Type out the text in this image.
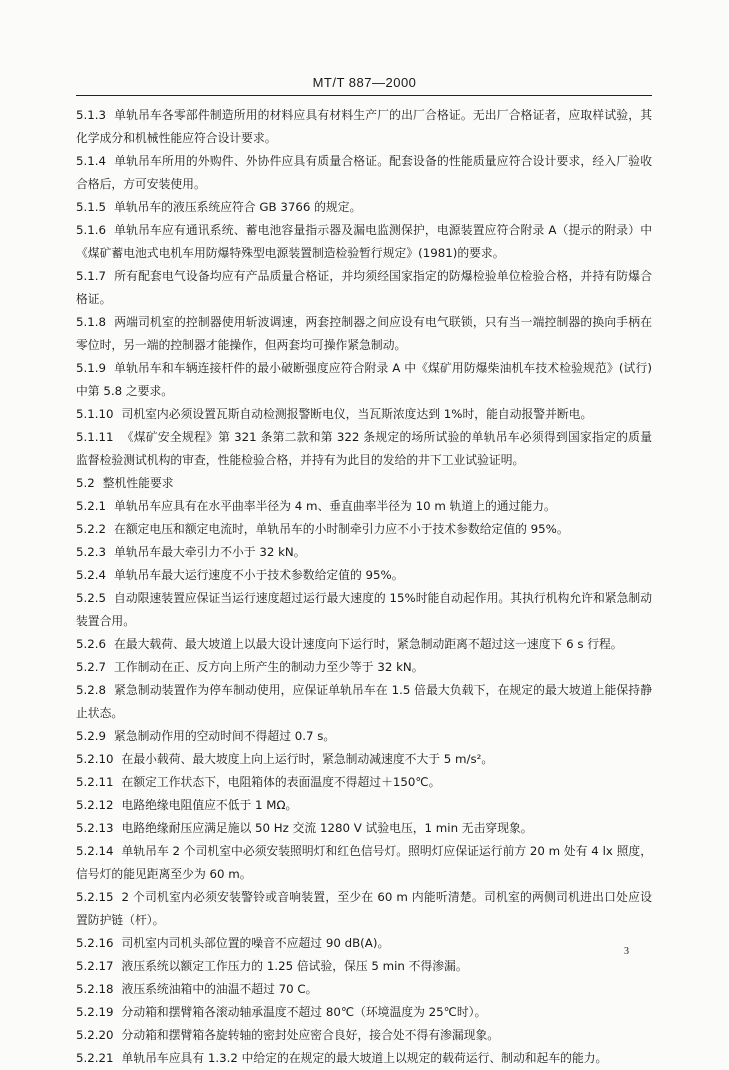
MT/T 887—2000

5.1.3 单轨吊车各零部件制造所用的材料应具有材料生产厂的出厂合格证。无出厂合格证者，应取样试验，其化学成分和机械性能应符合设计要求。

5.1.4 单轨吊车所用的外购件、外协件应具有质量合格证。配套设备的性能质量应符合设计要求，经入厂验收合格后，方可安装使用。

5.1.5 单轨吊车的液压系统应符合 GB 3766 的规定。

5.1.6 单轨吊车应有通讯系统、蓄电池容量指示器及漏电监测保护，电源装置应符合附录 A（提示的附录）中《煤矿蓄电池式电机车用防爆特殊型电源装置制造检验暂行规定》(1981)的要求。

5.1.7 所有配套电气设备均应有产品质量合格证，并均须经国家指定的防爆检验单位检验合格，并持有防爆合格证。

5.1.8 两端司机室的控制器使用斩波调速，两套控制器之间应设有电气联锁，只有当一端控制器的换向手柄在零位时，另一端的控制器才能操作，但两套均可操作紧急制动。

5.1.9 单轨吊车和车辆连接杆件的最小破断强度应符合附录 A 中《煤矿用防爆柴油机车技术检验规范》(试行)中第 5.8 之要求。

5.1.10 司机室内必须设置瓦斯自动检测报警断电仪，当瓦斯浓度达到 1%时，能自动报警并断电。

5.1.11 《煤矿安全规程》第 321 条第二款和第 322 条规定的场所试验的单轨吊车必须得到国家指定的质量监督检验测试机构的审查，性能检验合格，并持有为此目的发给的井下工业试验证明。

5.2 整机性能要求

5.2.1 单轨吊车应具有在水平曲率半径为 4 m、垂直曲率半径为 10 m 轨道上的通过能力。

5.2.2 在额定电压和额定电流时，单轨吊车的小时制牵引力应不小于技术参数给定值的 95%。

5.2.3 单轨吊车最大牵引力不小于 32 kN。

5.2.4 单轨吊车最大运行速度不小于技术参数给定值的 95%。

5.2.5 自动限速装置应保证当运行速度超过运行最大速度的 15%时能自动起作用。其执行机构允许和紧急制动装置合用。

5.2.6 在最大载荷、最大坡道上以最大设计速度向下运行时，紧急制动距离不超过这一速度下 6 s 行程。

5.2.7 工作制动在正、反方向上所产生的制动力至少等于 32 kN。

5.2.8 紧急制动装置作为停车制动使用，应保证单轨吊车在 1.5 倍最大负载下，在规定的最大坡道上能保持静止状态。

5.2.9 紧急制动作用的空动时间不得超过 0.7 s。

5.2.10 在最小载荷、最大坡度上向上运行时，紧急制动减速度不大于 5 m/s²。

5.2.11 在额定工作状态下，电阻箱体的表面温度不得超过＋150℃。

5.2.12 电路绝缘电阻值应不低于 1 MΩ。

5.2.13 电路绝缘耐压应满足施以 50 Hz 交流 1280 V 试验电压，1 min 无击穿现象。

5.2.14 单轨吊车 2 个司机室中必须安装照明灯和红色信号灯。照明灯应保证运行前方 20 m 处有 4 lx 照度，信号灯的能见距离至少为 60 m。

5.2.15 2 个司机室内必须安装警铃或音响装置，至少在 60 m 内能听清楚。司机室的两侧司机进出口处应设置防护链（杆）。

5.2.16 司机室内司机头部位置的噪音不应超过 90 dB(A)。

5.2.17 液压系统以额定工作压力的 1.25 倍试验，保压 5 min 不得渗漏。

5.2.18 液压系统油箱中的油温不超过 70 C。

5.2.19 分动箱和摆臂箱各滚动轴承温度不超过 80℃（环境温度为 25℃时）。

5.2.20 分动箱和摆臂箱各旋转轴的密封处应密合良好，接合处不得有渗漏现象。

5.2.21 单轨吊车应具有 1.3.2 中给定的在规定的最大坡道上以规定的载荷运行、制动和起车的能力。

3
